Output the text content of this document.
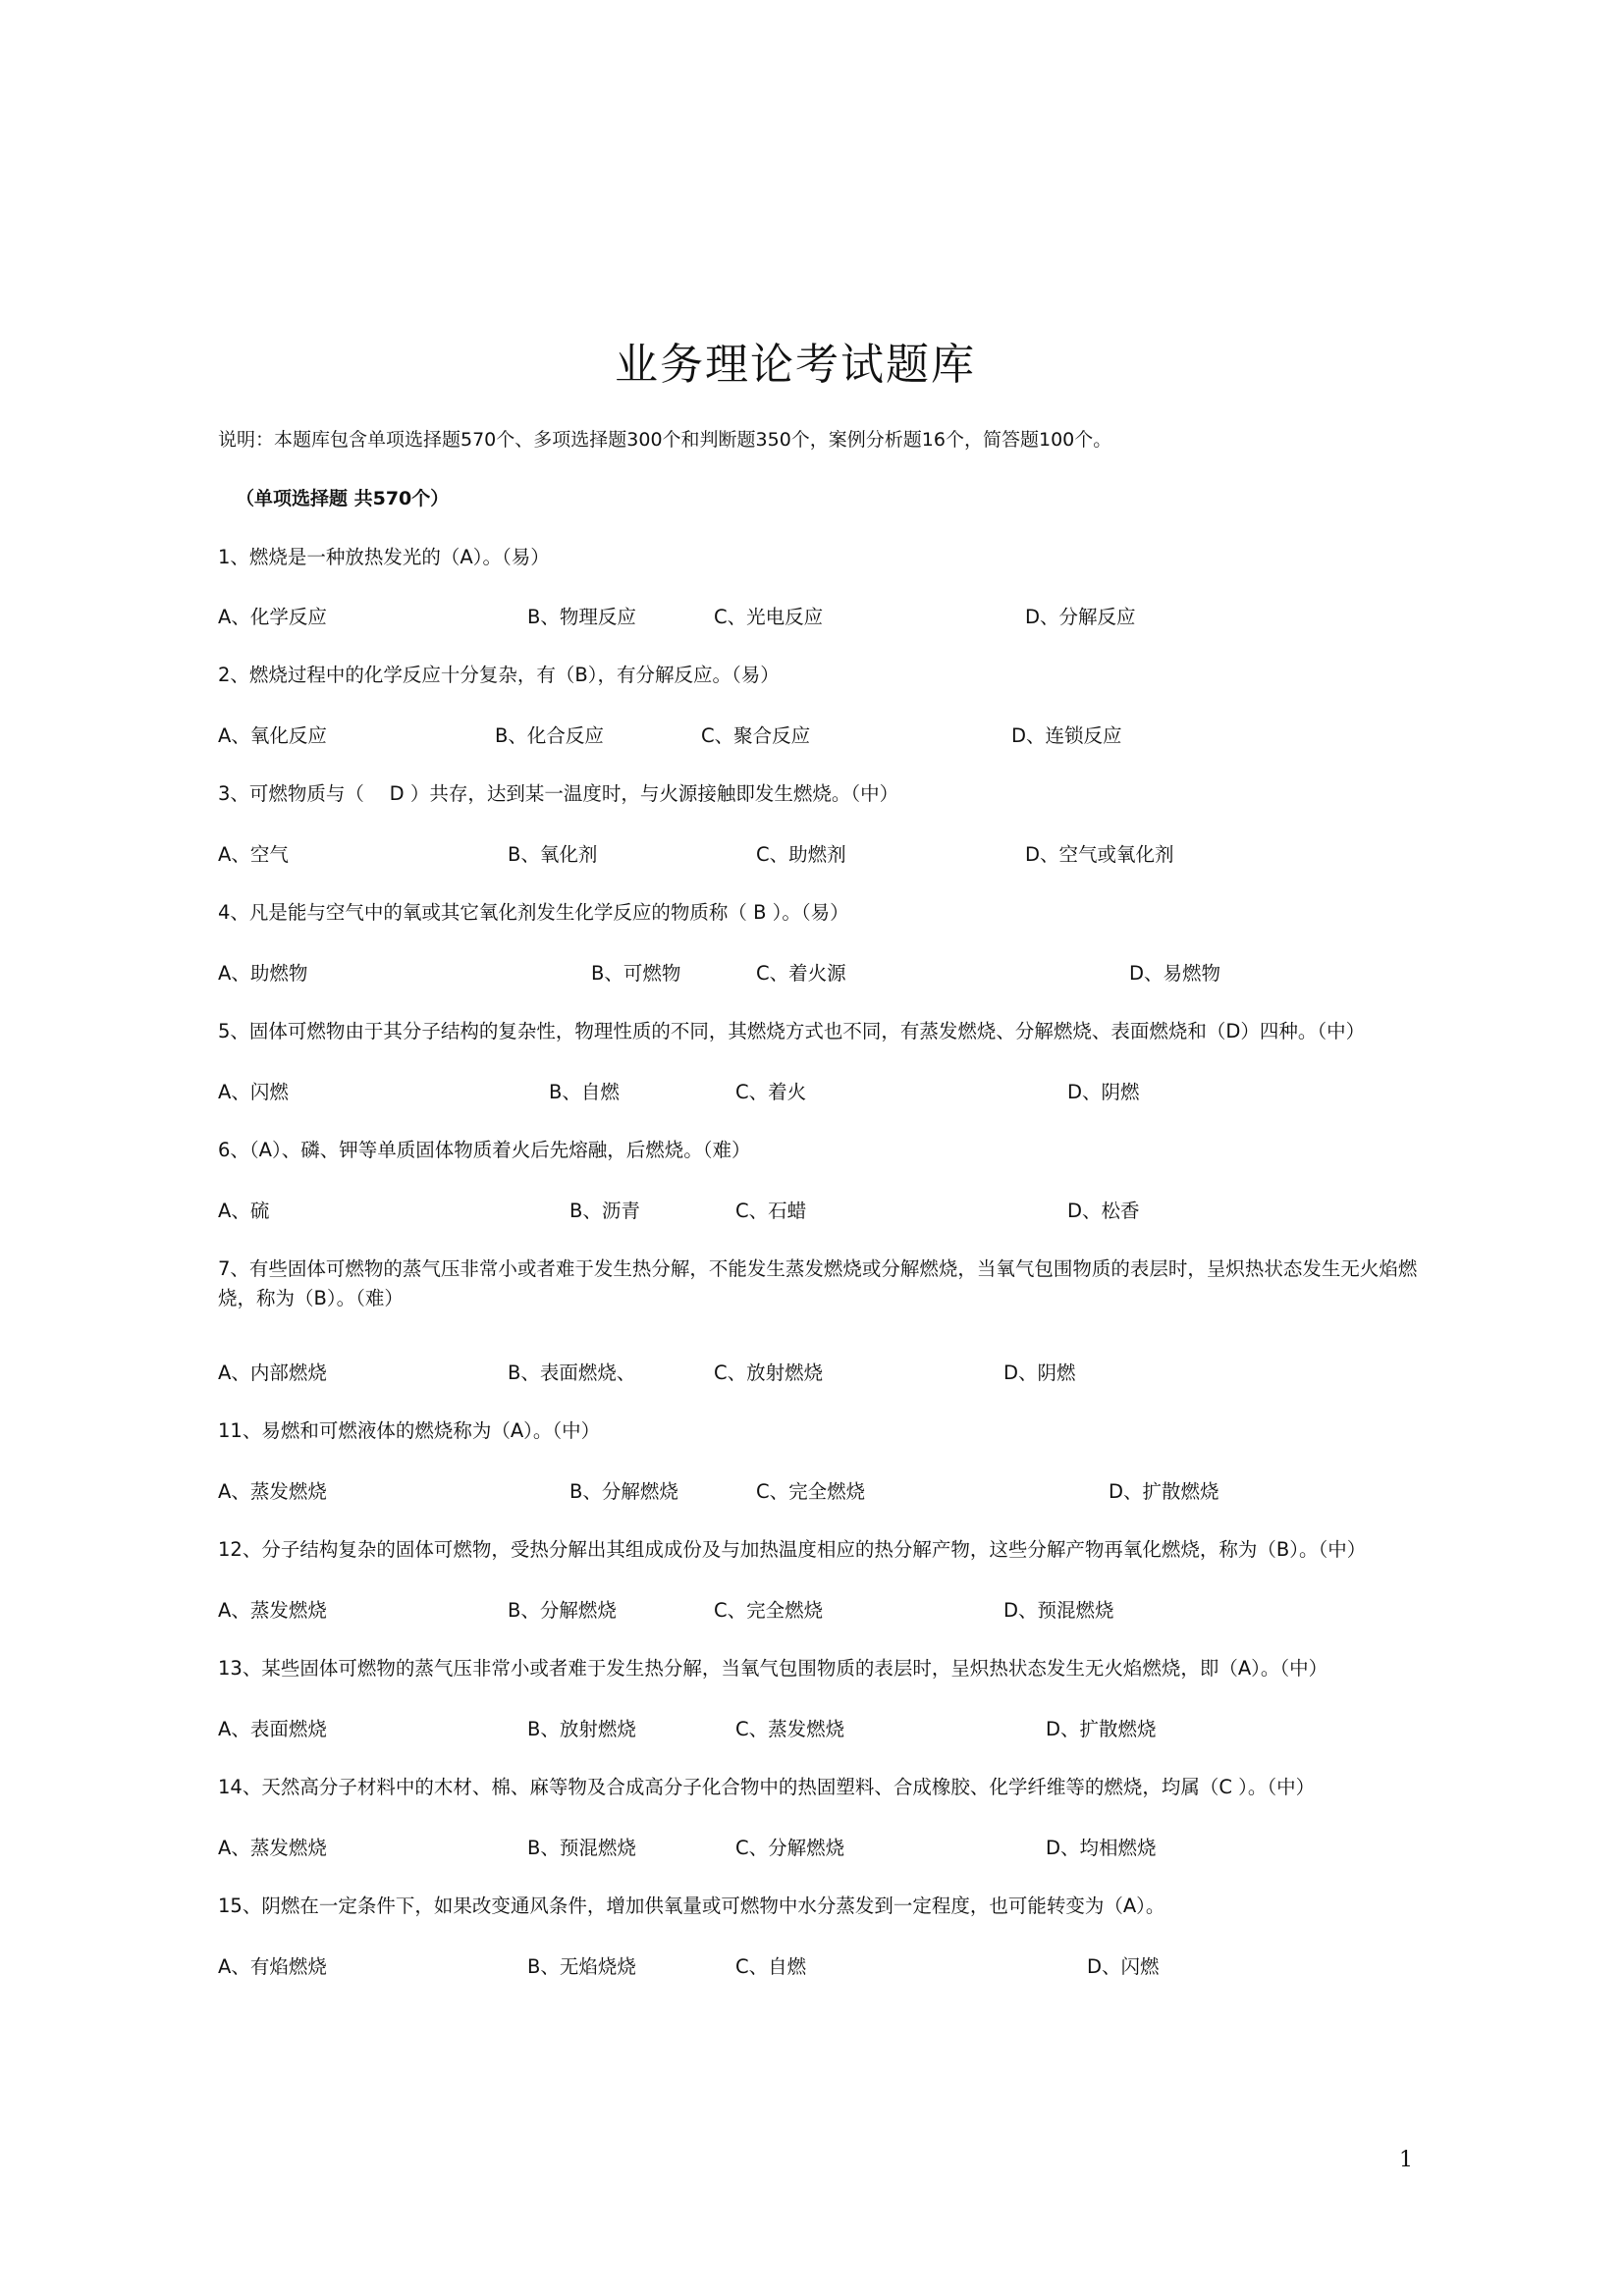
业务理论考试题库
说明：本题库包含单项选择题570个、多项选择题300个和判断题350个，案例分析题16个，简答题100个。
（单项选择题 共570个）
1、燃烧是一种放热发光的（A）。（易）
A、化学反应	B、物理反应	C、光电反应	D、分解反应
2、燃烧过程中的化学反应十分复杂，有（B），有分解反应。（易）
A、氧化反应	B、化合反应	C、聚合反应	D、连锁反应
3、可燃物质与（　 D ）共存，达到某一温度时，与火源接触即发生燃烧。（中）
A、空气	B、氧化剂	C、助燃剂	D、空气或氧化剂
4、凡是能与空气中的氧或其它氧化剂发生化学反应的物质称（ B ）。（易）
A、助燃物	B、可燃物	C、着火源	D、易燃物
5、固体可燃物由于其分子结构的复杂性，物理性质的不同，其燃烧方式也不同，有蒸发燃烧、分解燃烧、表面燃烧和（D）四种。（中）
A、闪燃	B、自燃	C、着火	D、阴燃
6、（A）、磷、钾等单质固体物质着火后先熔融，后燃烧。（难）
A、硫	B、沥青	C、石蜡	D、松香
7、有些固体可燃物的蒸气压非常小或者难于发生热分解，不能发生蒸发燃烧或分解燃烧，当氧气包围物质的表层时，呈炽热状态发生无火焰燃烧，称为（B）。（难）
A、内部燃烧	B、表面燃烧、	C、放射燃烧	D、阴燃
11、易燃和可燃液体的燃烧称为（A）。（中）
A、蒸发燃烧	B、分解燃烧	C、完全燃烧	D、扩散燃烧
12、分子结构复杂的固体可燃物，受热分解出其组成成份及与加热温度相应的热分解产物，这些分解产物再氧化燃烧，称为（B）。（中）
A、蒸发燃烧	B、分解燃烧	C、完全燃烧	D、预混燃烧
13、某些固体可燃物的蒸气压非常小或者难于发生热分解，当氧气包围物质的表层时，呈炽热状态发生无火焰燃烧，即（A）。（中）
A、表面燃烧	B、放射燃烧	C、蒸发燃烧	D、扩散燃烧
14、天然高分子材料中的木材、棉、麻等物及合成高分子化合物中的热固塑料、合成橡胶、化学纤维等的燃烧，均属（C ）。（中）
A、蒸发燃烧	B、预混燃烧	C、分解燃烧	D、均相燃烧
15、阴燃在一定条件下，如果改变通风条件，增加供氧量或可燃物中水分蒸发到一定程度，也可能转变为（A）。
A、有焰燃烧	B、无焰烧烧	C、自燃	D、闪燃
1
